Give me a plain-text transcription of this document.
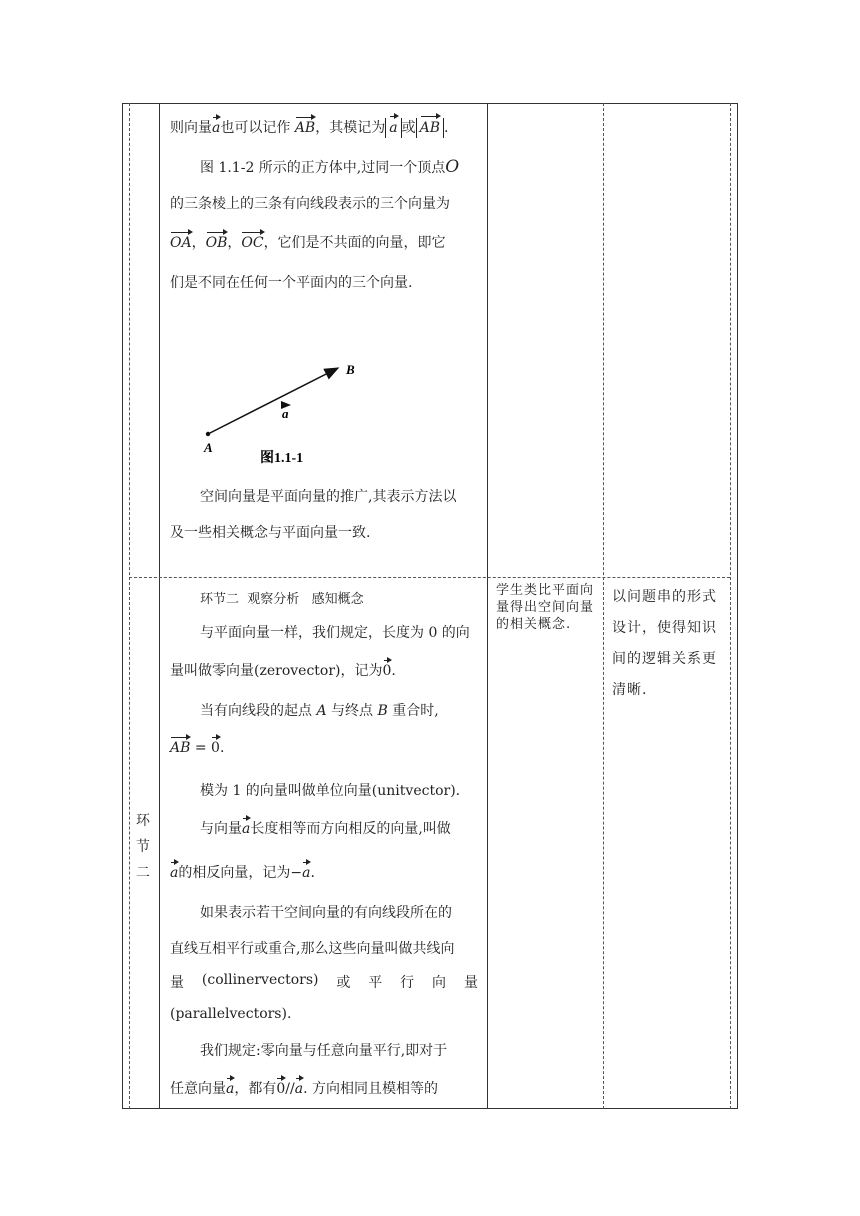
则向量a也可以记作 AB，其模记为 a 或 AB .
图 1.1-2 所示的正方体中,过同一个顶点O
的三条棱上的三条有向线段表示的三个向量为
OA，OB，OC，它们是不共面的向量，即它
们是不同在任何一个平面内的三个向量.
B
A
a
图1.1-1
空间向量是平面向量的推广,其表示方法以
及一些相关概念与平面向量一致.
环
节
二
环节二  观察分析   感知概念
与平面向量一样，我们规定，长度为 0 的向
量叫做零向量(zerovector)，记为0.
当有向线段的起点 A 与终点 B 重合时,
AB = 0.
模为 1 的向量叫做单位向量(unitvector).
与向量a长度相等而方向相反的向量,叫做
a的相反向量，记为−a.
如果表示若干空间向量的有向线段所在的
直线互相平行或重合,那么这些向量叫做共线向
量 (collinervectors) 或 平 行 向 量
(parallelvectors).
我们规定:零向量与任意向量平行,即对于
任意向量a，都有0//a. 方向相同且模相等的
学生类比平面向量得出空间向量的相关概念.
以问题串的形式设计，使得知识间的逻辑关系更清晰.
